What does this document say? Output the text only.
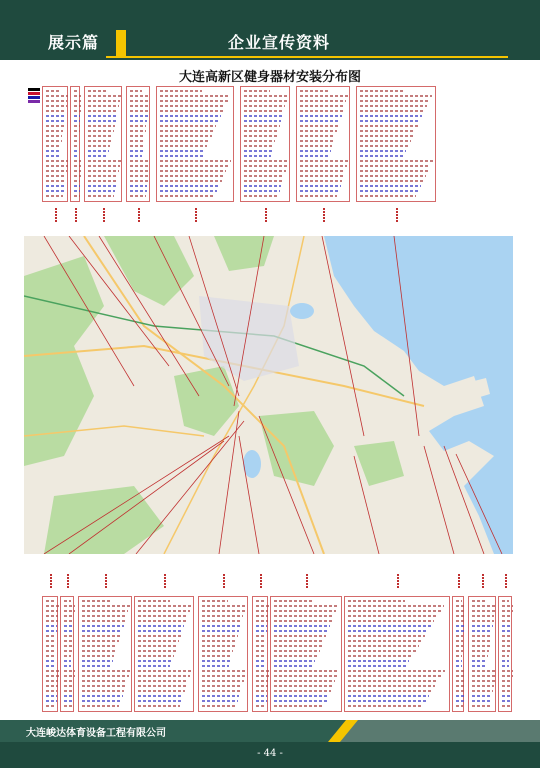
展示篇	企业宣传资料
大连高新区健身器材安装分布图
大连峻达体育设备工程有限公司
- 44 -
